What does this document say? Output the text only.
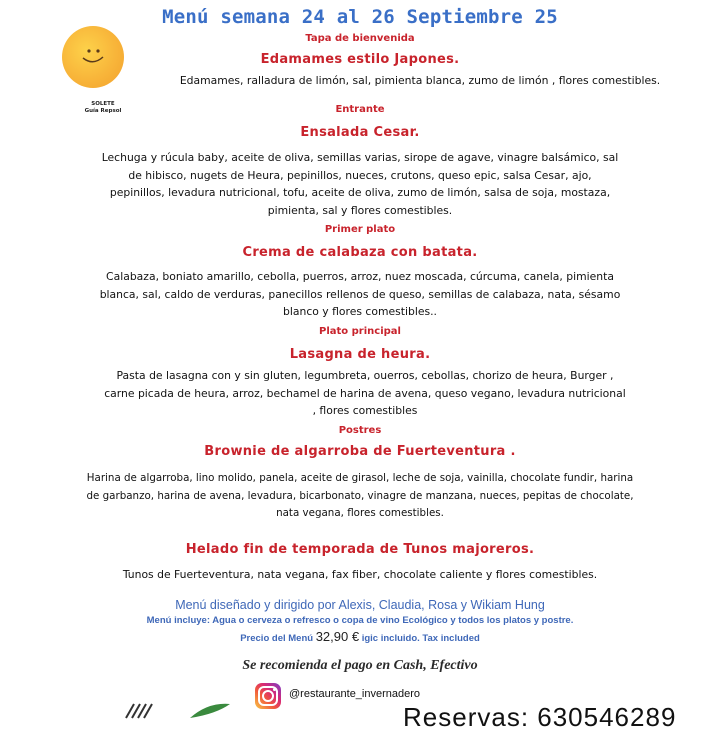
Menú semana 24 al 26 Septiembre 25
SOLETE
Guía Repsol
Tapa de bienvenida
Edamames estilo Japones.
Edamames, ralladura de limón, sal, pimienta blanca, zumo de limón , flores comestibles.
Entrante
Ensalada Cesar.
Lechuga y rúcula baby, aceite de oliva, semillas varias, sirope de agave, vinagre balsámico, sal
de hibisco, nugets de Heura, pepinillos, nueces, crutons, queso epic, salsa Cesar, ajo,
pepinillos, levadura nutricional, tofu, aceite de oliva, zumo de limón, salsa de soja, mostaza,
pimienta, sal y flores comestibles.
Primer plato
Crema de calabaza con batata.
Calabaza, boniato amarillo, cebolla, puerros, arroz, nuez moscada, cúrcuma, canela, pimienta
blanca, sal, caldo de verduras, panecillos rellenos de queso, semillas de calabaza, nata, sésamo
blanco y flores comestibles..
Plato principal
Lasagna de heura.
Pasta de lasagna con y sin gluten, legumbreta, ouerros, cebollas, chorizo de heura, Burger ,
carne picada de heura, arroz, bechamel de harina de avena, queso vegano, levadura nutricional
, flores comestibles
Postres
Brownie de algarroba de Fuerteventura .
Harina de algarroba, lino molido, panela, aceite de girasol, leche de soja, vainilla, chocolate fundir, harina
de garbanzo, harina de avena, levadura, bicarbonato, vinagre de manzana, nueces, pepitas de chocolate,
nata vegana, flores comestibles.
Helado fin de temporada de Tunos majoreros.
Tunos de Fuerteventura, nata vegana, fax fiber, chocolate caliente y flores comestibles.
Menú diseñado y dirigido por Alexis, Claudia, Rosa y Wikiam Hung
Menú incluye: Agua o cerveza o refresco o copa de vino Ecológico y todos los platos y postre.
Precio del Menú 32,90 € igic incluido. Tax included
Se recomienda el pago en Cash, Efectivo
@restaurante_invernadero
Reservas: 630546289
